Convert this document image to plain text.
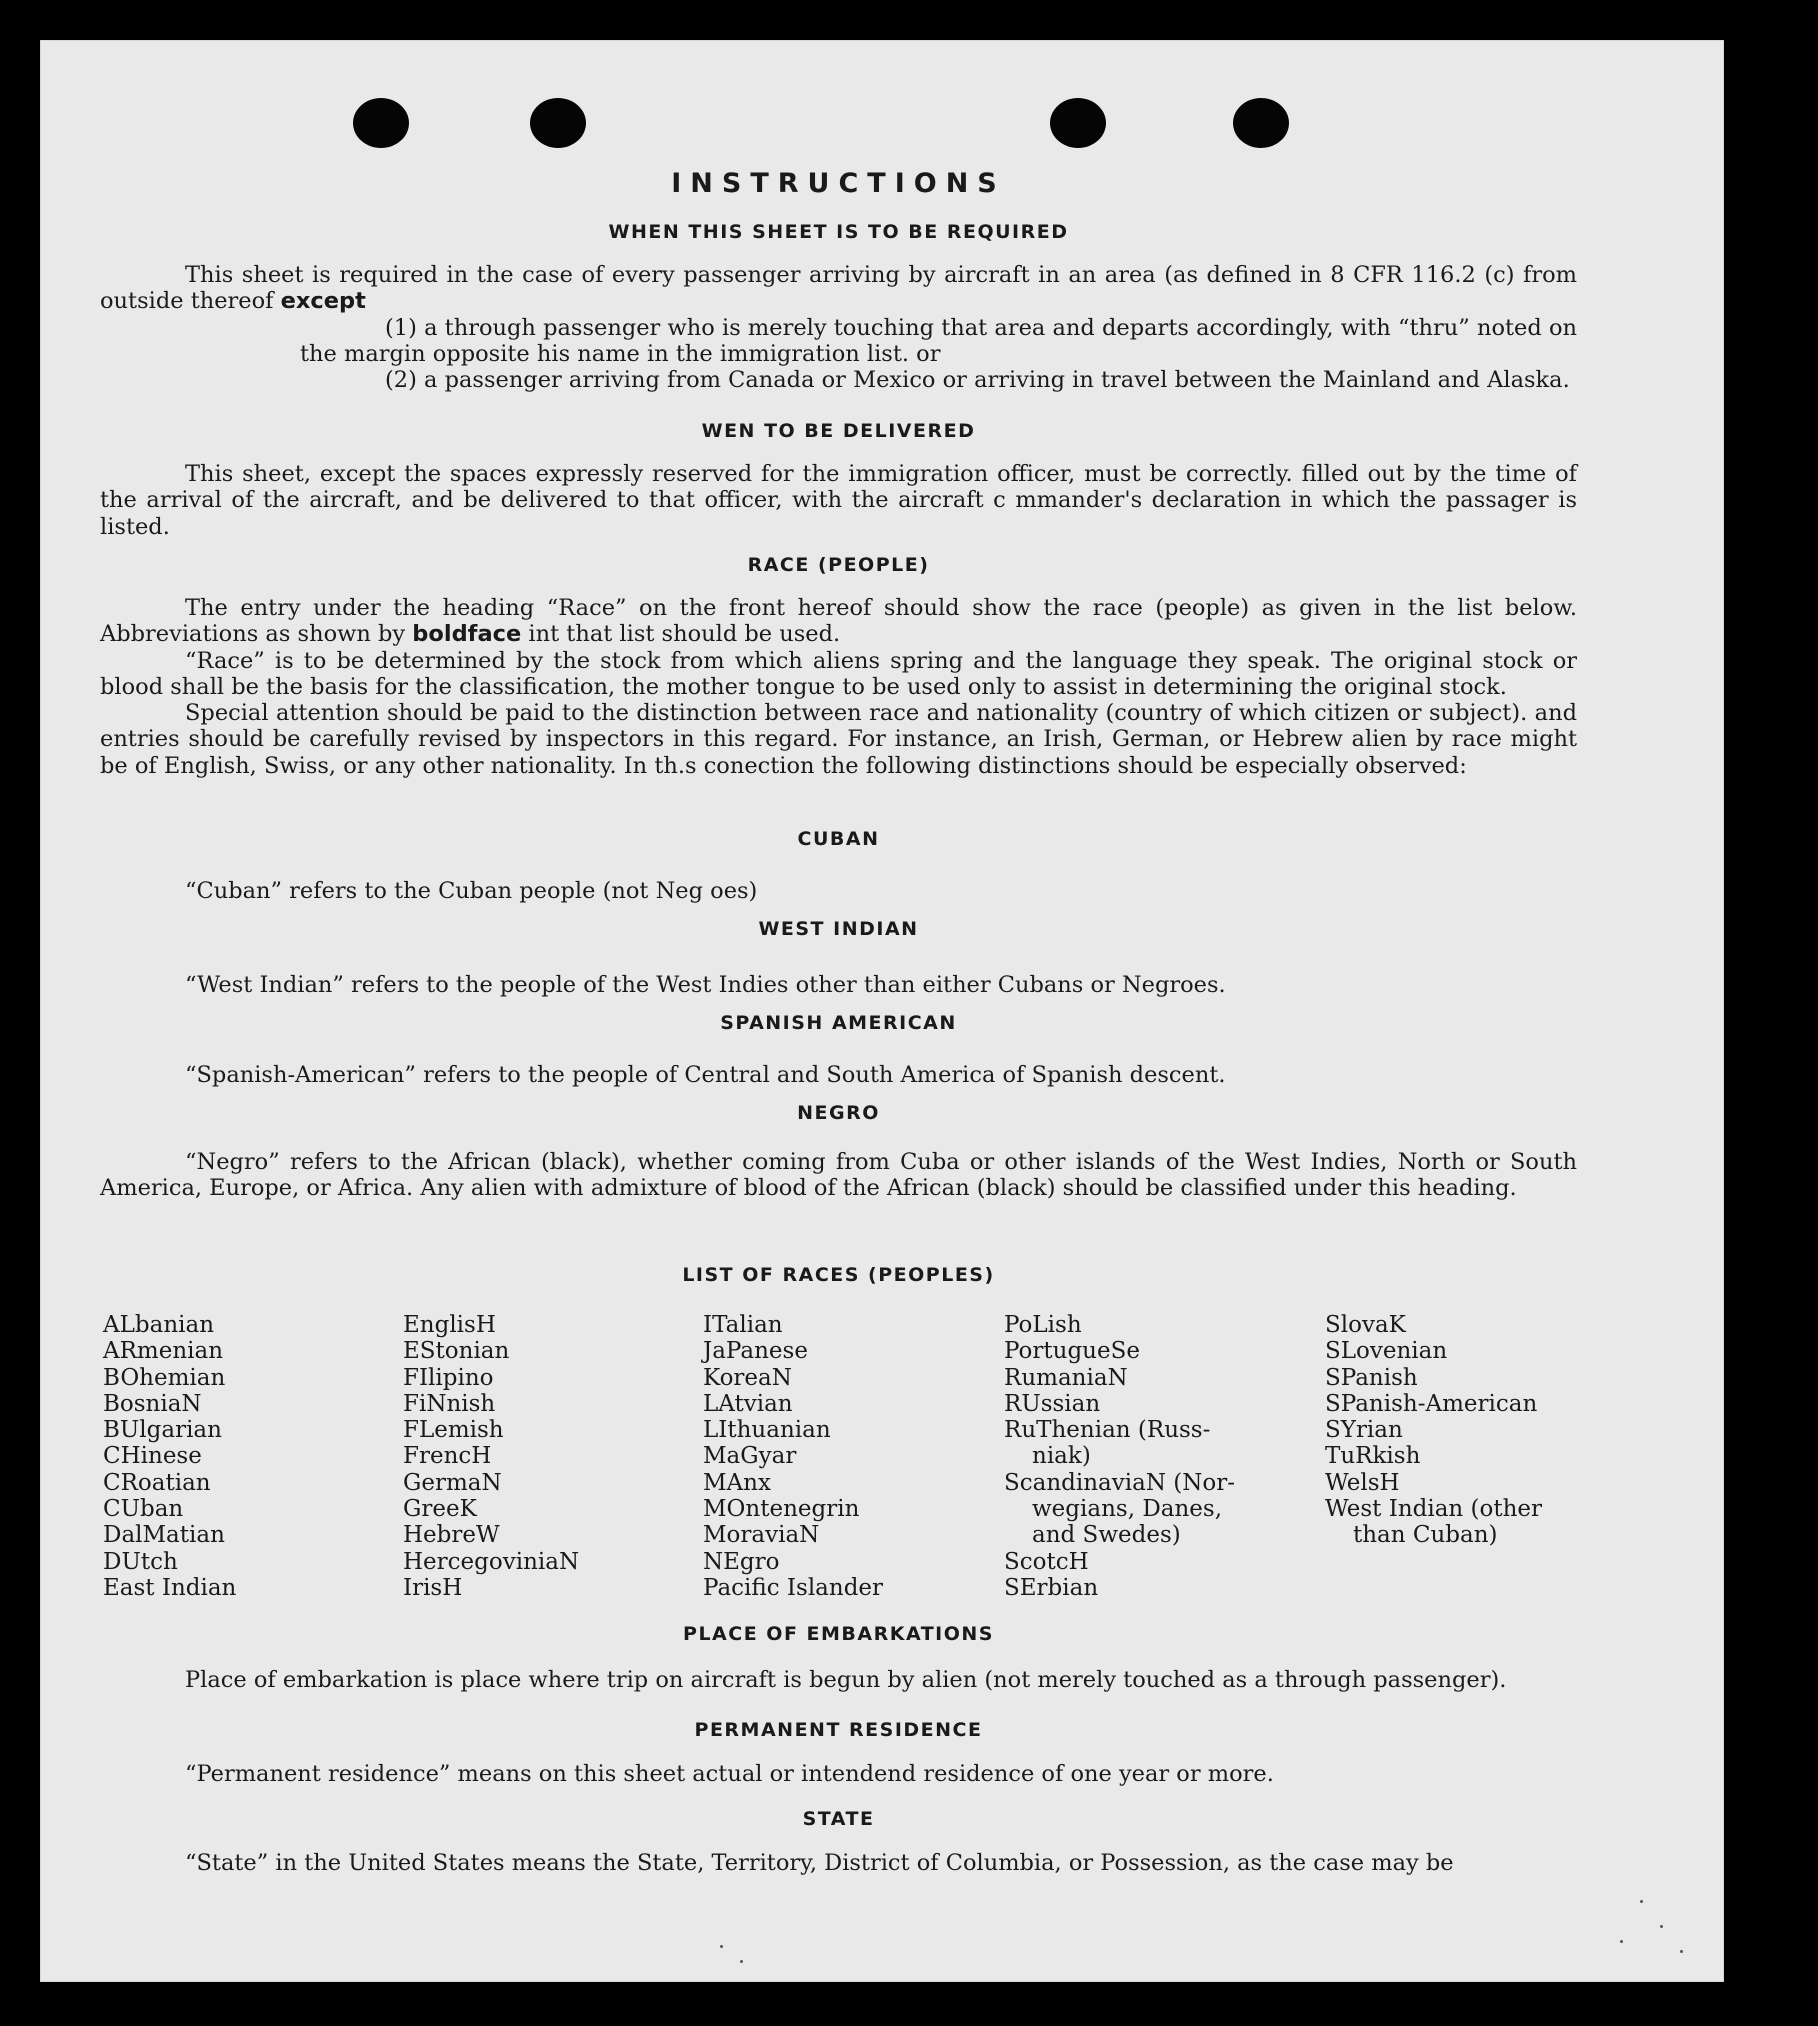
INSTRUCTIONS
WHEN THIS SHEET IS TO BE REQUIRED

This sheet is required in the case of every passenger arriving by aircraft in an area (as defined in 8 CFR 116.2 (c) from outside thereof except

(1) a through passenger who is merely touching that area and departs accordingly, with “thru” noted on the margin opposite his name in the immigration list. or

(2) a passenger arriving from Canada or Mexico or arriving in travel between the Mainland and Alaska.

WEN TO BE DELIVERED

This sheet, except the spaces expressly reserved for the immigration officer, must be correctly. filled out by the time of the arrival of the aircraft, and be delivered to that officer, with the aircraft c mmander's declaration in which the passager is listed.

RACE (PEOPLE)

The entry under the heading “Race” on the front hereof should show the race (people) as given in the list below. Abbreviations as shown by boldface int that list should be used.

“Race” is to be determined by the stock from which aliens spring and the language they speak. The original stock or blood shall be the basis for the classification, the mother tongue to be used only to assist in determining the original stock.

Special attention should be paid to the distinction between race and nationality (country of which citizen or subject). and entries should be carefully revised by inspectors in this regard. For instance, an Irish, German, or Hebrew alien by race might be of English, Swiss, or any other nationality. In th.s conection the following distinctions should be especially observed:

CUBAN

“Cuban” refers to the Cuban people (not Neg oes)

WEST INDIAN

“West Indian” refers to the people of the West Indies other than either Cubans or Negroes.

SPANISH AMERICAN

“Spanish-American” refers to the people of Central and South America of Spanish descent.

NEGRO

“Negro” refers to the African (black), whether coming from Cuba or other islands of the West Indies, North or South America, Europe, or Africa. Any alien with admixture of blood of the African (black) should be classified under this heading.

LIST OF RACES (PEOPLES)
ALbanian
ARmenian
BOhemian
BosniaN
BUlgarian
CHinese
CRoatian
CUban
DalMatian
DUtch
East Indian
EnglisH
EStonian
FIlipino
FiNnish
FLemish
FrencH
GermaN
GreeK
HebreW
HercegoviniaN
IrisH
ITalian
JaPanese
KoreaN
LAtvian
LIthuanian
MaGyar
MAnx
MOntenegrin
MoraviaN
NEgro
Pacific Islander
PoLish
PortugueSe
RumaniaN
RUssian
RuThenian (Russ-
niak)
ScandinaviaN (Nor-
wegians, Danes,
and Swedes)
ScotcH
SErbian
SlovaK
SLovenian
SPanish
SPanish-American
SYrian
TuRkish
WelsH
West Indian (other
than Cuban)
PLACE OF EMBARKATIONS

Place of embarkation is place where trip on aircraft is begun by alien (not merely touched as a through passenger).

PERMANENT RESIDENCE

“Permanent residence” means on this sheet actual or intendend residence of one year or more.

STATE

“State” in the United States means the State, Territory, District of Columbia, or Possession, as the case may be
